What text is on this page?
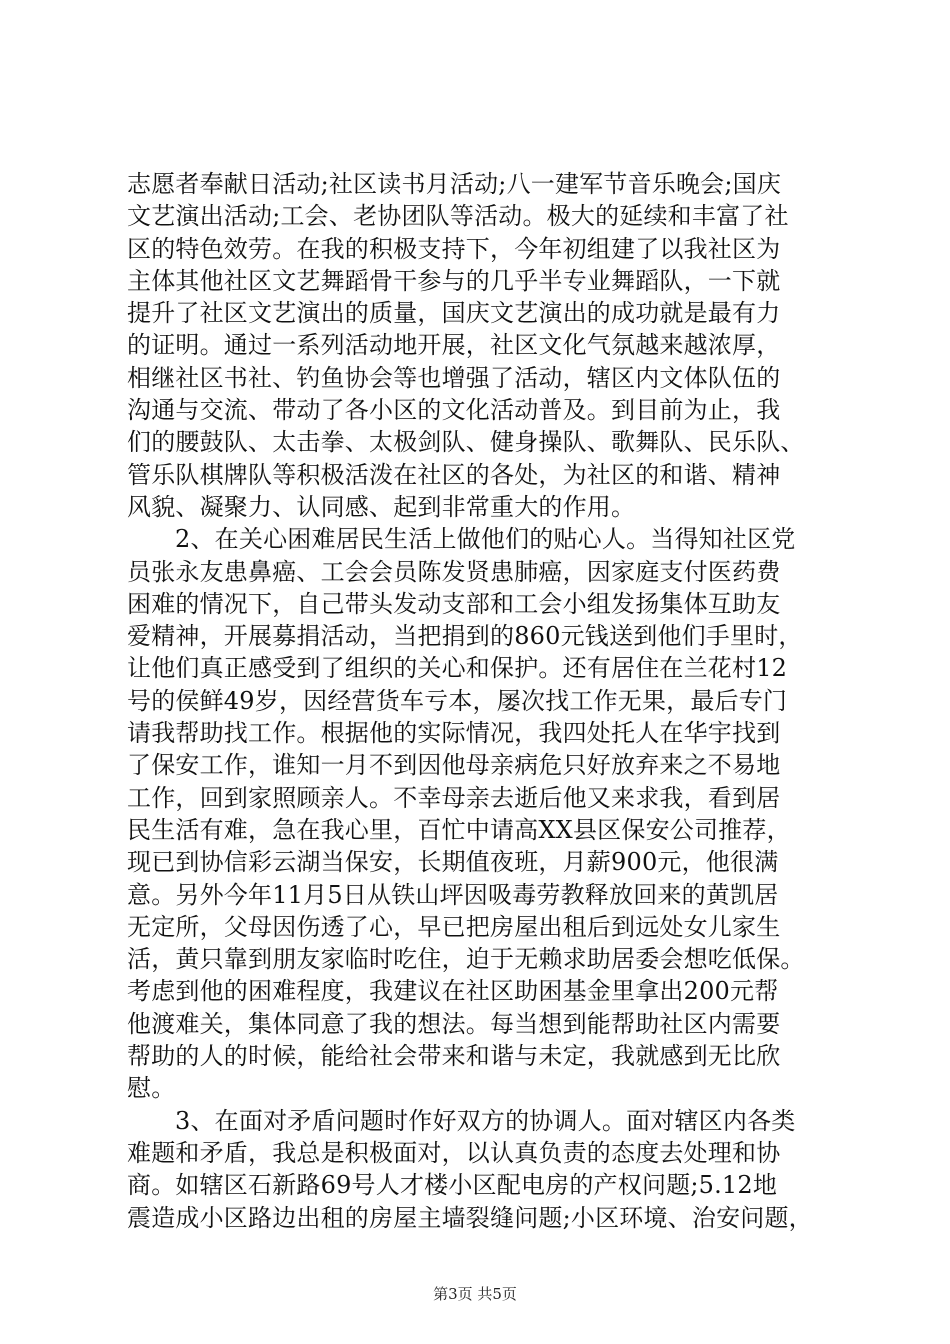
志愿者奉献日活动;社区读书月活动;八一建军节音乐晚会;国庆
文艺演出活动;工会、老协团队等活动。极大的延续和丰富了社
区的特色效劳。在我的积极支持下，今年初组建了以我社区为
主体其他社区文艺舞蹈骨干参与的几乎半专业舞蹈队，一下就
提升了社区文艺演出的质量，国庆文艺演出的成功就是最有力
的证明。通过一系列活动地开展，社区文化气氛越来越浓厚，
相继社区书社、钓鱼协会等也增强了活动，辖区内文体队伍的
沟通与交流、带动了各小区的文化活动普及。到目前为止，我
们的腰鼓队、太击拳、太极剑队、健身操队、歌舞队、民乐队、
管乐队棋牌队等积极活泼在社区的各处，为社区的和谐、精神
风貌、凝聚力、认同感、起到非常重大的作用。
2、在关心困难居民生活上做他们的贴心人。当得知社区党
员张永友患鼻癌、工会会员陈发贤患肺癌，因家庭支付医药费
困难的情况下，自己带头发动支部和工会小组发扬集体互助友
爱精神，开展募捐活动，当把捐到的860元钱送到他们手里时，
让他们真正感受到了组织的关心和保护。还有居住在兰花村12
号的侯鲜49岁，因经营货车亏本，屡次找工作无果，最后专门
请我帮助找工作。根据他的实际情况，我四处托人在华宇找到
了保安工作，谁知一月不到因他母亲病危只好放弃来之不易地
工作，回到家照顾亲人。不幸母亲去逝后他又来求我，看到居
民生活有难，急在我心里，百忙中请高XX县区保安公司推荐，
现已到协信彩云湖当保安，长期值夜班，月薪900元，他很满
意。另外今年11月5日从铁山坪因吸毒劳教释放回来的黄凯居
无定所，父母因伤透了心，早已把房屋出租后到远处女儿家生
活，黄只靠到朋友家临时吃住，迫于无赖求助居委会想吃低保。
考虑到他的困难程度，我建议在社区助困基金里拿出200元帮
他渡难关，集体同意了我的想法。每当想到能帮助社区内需要
帮助的人的时候，能给社会带来和谐与未定，我就感到无比欣
慰。
3、在面对矛盾问题时作好双方的协调人。面对辖区内各类
难题和矛盾，我总是积极面对，以认真负责的态度去处理和协
商。如辖区石新路69号人才楼小区配电房的产权问题;5.12地
震造成小区路边出租的房屋主墙裂缝问题;小区环境、治安问题，
第3页 共5页
